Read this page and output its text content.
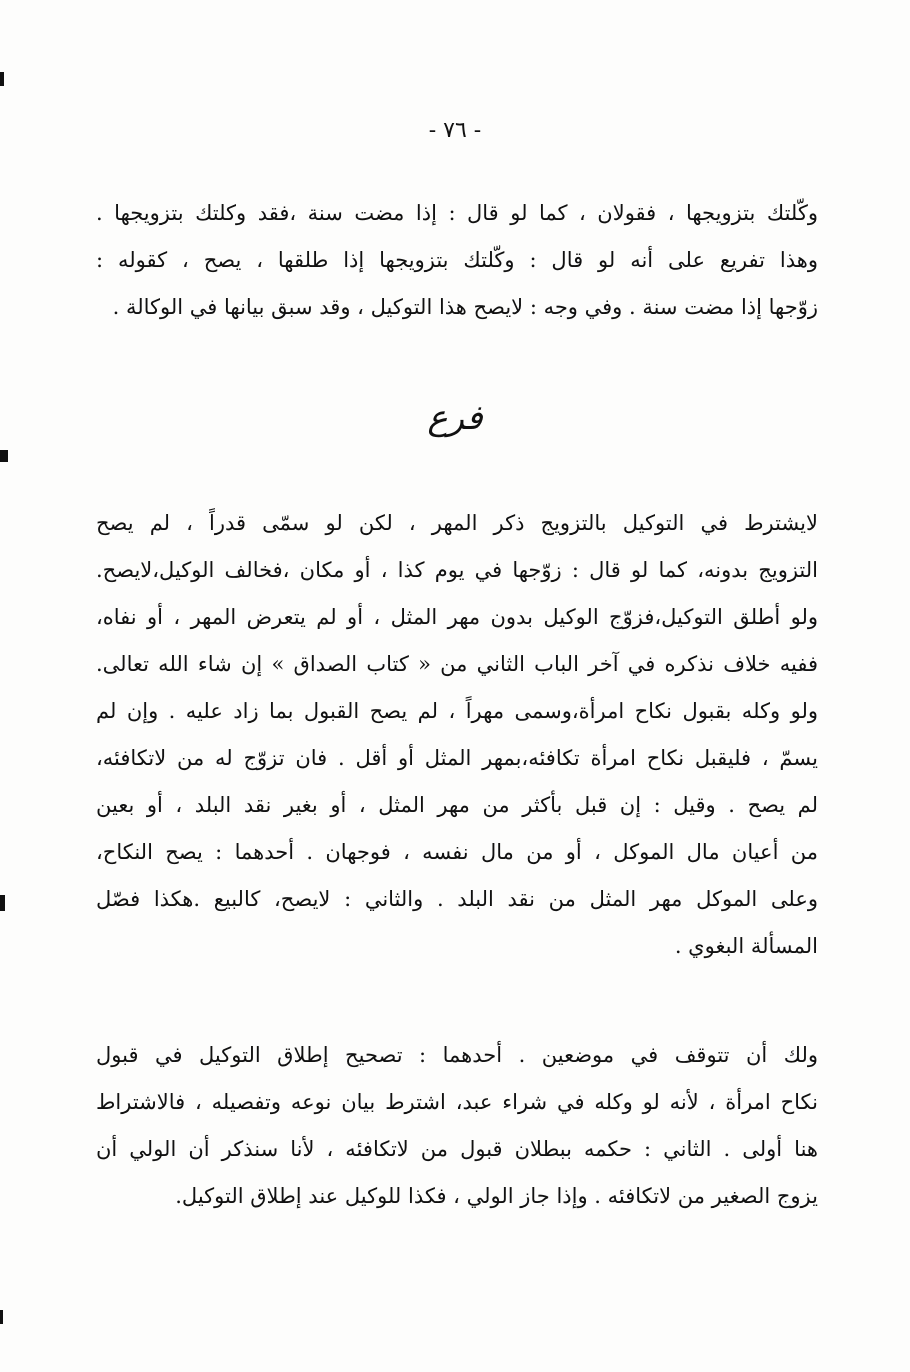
- ٧٦ -
وكّلتك بتزويجها ، فقولان ، كما لو قال : إذا مضت سنة ،فقد وكلتك بتزويجها .
وهذا تفريع على أنه لو قال : وكّلتك بتزويجها إذا طلقها ، يصح ، كقوله :
زوّجها إذا مضت سنة . وفي وجه : لايصح هذا التوكيل ، وقد سبق بيانها في الوكالة .
فرع
لايشترط في التوكيل بالتزويج ذكر المهر ، لكن لو سمّى قدراً ، لم يصح
التزويج بدونه، كما لو قال : زوّجها في يوم كذا ، أو مكان ،فخالف الوكيل،لايصح.
ولو أطلق التوكيل،فزوّج الوكيل بدون مهر المثل ، أو لم يتعرض المهر ، أو نفاه،
ففيه خلاف نذكره في آخر الباب الثاني من « كتاب الصداق » إن شاء الله تعالى.
ولو وكله بقبول نكاح امرأة،وسمى مهراً ، لم يصح القبول بما زاد عليه . وإن لم
يسمّ ، فليقبل نكاح امرأة تكافئه،بمهر المثل أو أقل . فان تزوّج له من لاتكافئه،
لم يصح . وقيل : إن قبل بأكثر من مهر المثل ، أو بغير نقد البلد ، أو بعين
من أعيان مال الموكل ، أو من مال نفسه ، فوجهان . أحدهما : يصح النكاح،
وعلى الموكل مهر المثل من نقد البلد . والثاني : لايصح، كالبيع .هكذا فصّل
المسألة البغوي .
ولك أن تتوقف في موضعين . أحدهما : تصحيح إطلاق التوكيل في قبول
نكاح امرأة ، لأنه لو وكله في شراء عبد، اشترط بيان نوعه وتفصيله ، فالاشتراط
هنا أولى . الثاني : حكمه ببطلان قبول من لاتكافئه ، لأنا سنذكر أن الولي أن
يزوج الصغير من لاتكافئه . وإذا جاز الولي ، فكذا للوكيل عند إطلاق التوكيل.
